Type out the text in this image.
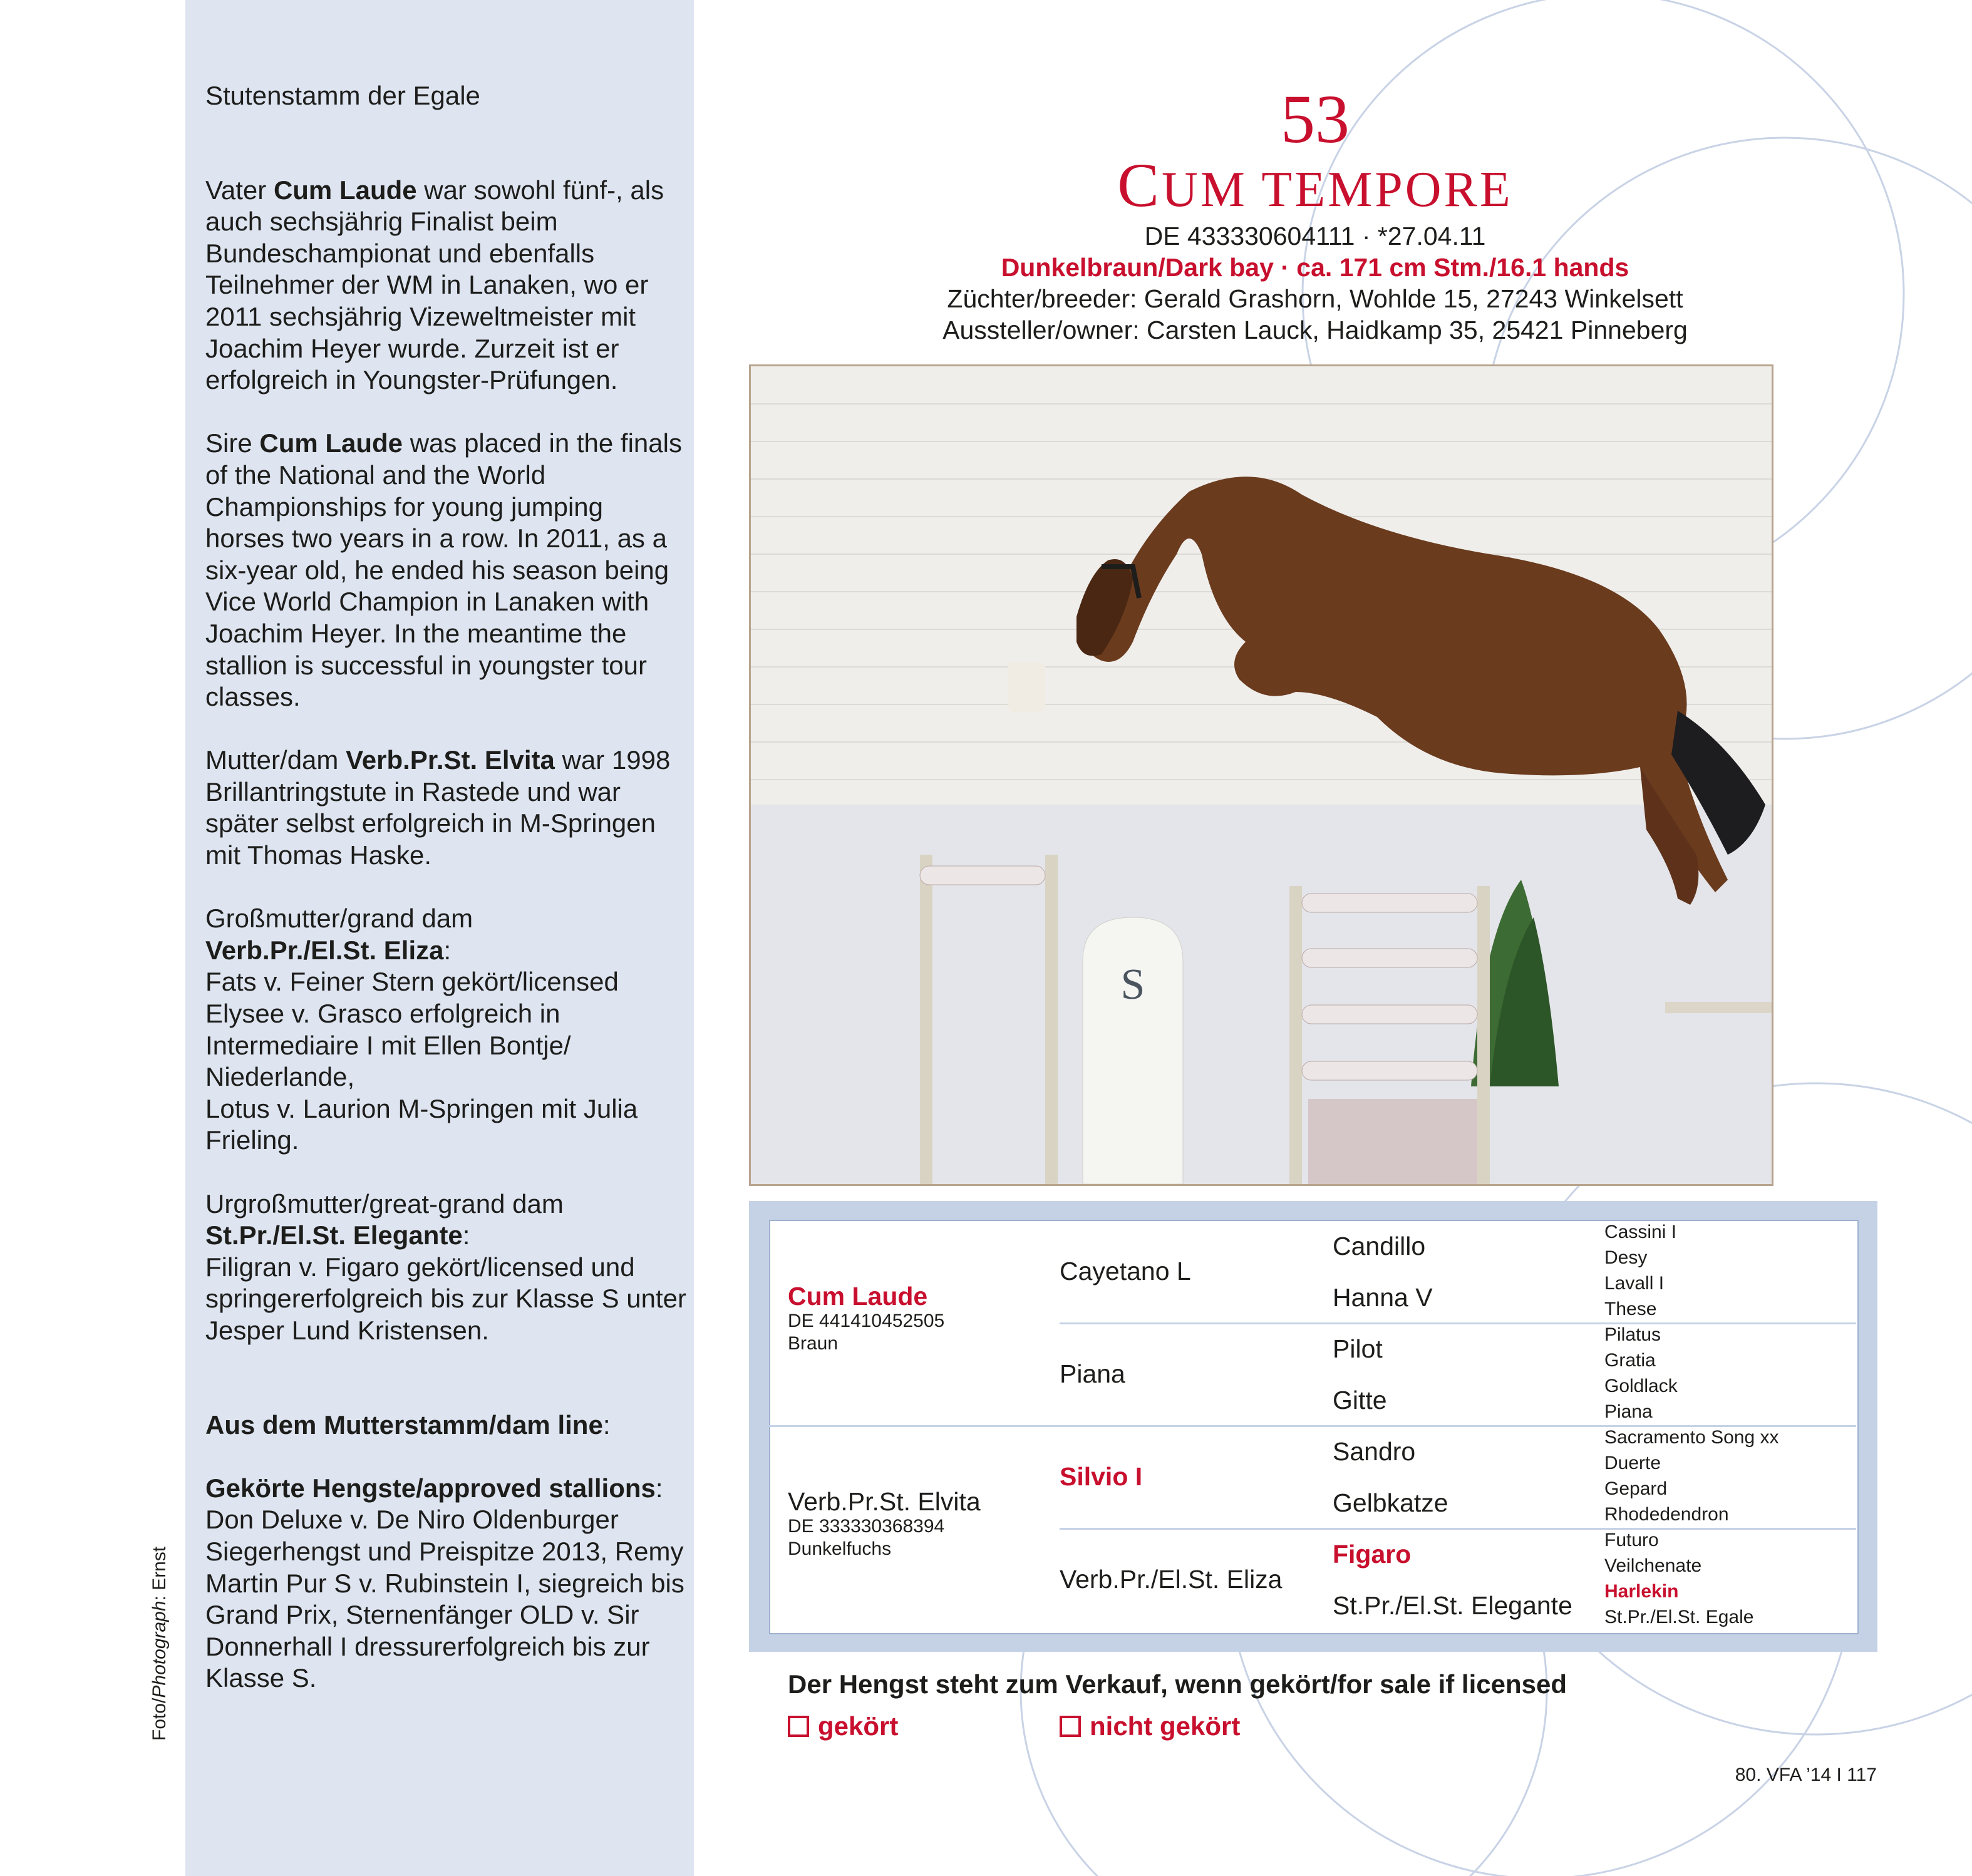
Stutenstamm der Egale

Vater Cum Laude war sowohl fünf-, als auch sechsjährig Finalist beim Bundeschampionat und ebenfalls Teilnehmer der WM in Lanaken, wo er 2011 sechsjährig Vizeweltmeister mit Joachim Heyer wurde. Zurzeit ist er erfolgreich in Youngster-Prüfungen.

Sire Cum Laude was placed in the finals of the National and the World Championships for young jumping horses two years in a row. In 2011, as a six-year old, he ended his season being Vice World Champion in Lanaken with Joachim Heyer. In the meantime the stallion is successful in youngster tour classes.

Mutter/dam Verb.Pr.St. Elvita war 1998 Brillantringstute in Rastede und war später selbst erfolgreich in M-Springen mit Thomas Haske.

Großmutter/grand dam
Verb.Pr./El.St. Eliza:
Fats v. Feiner Stern gekört/licensed Elysee v. Grasco erfolgreich in Intermediaire I mit Ellen Bontje/ Niederlande,
Lotus v. Laurion M-Springen mit Julia Frieling.

Urgroßmutter/great-grand dam
St.Pr./El.St. Elegante:
Filigran v. Figaro gekört/licensed und springererfolgreich bis zur Klasse S unter Jesper Lund Kristensen.

Aus dem Mutterstamm/dam line:

Gekörte Hengste/approved stallions:
Don Deluxe v. De Niro Oldenburger Siegerhengst und Preispitze 2013, Remy Martin Pur S v. Rubinstein I, siegreich bis Grand Prix, Sternenfänger OLD v. Sir Donnerhall I dressurerfolgreich bis zur Klasse S.

Foto/Photograph: Ernst
53
CUM TEMPORE
DE 433330604111 · *27.04.11
Dunkelbraun/Dark bay · ca. 171 cm Stm./16.1 hands
Züchter/breeder: Gerald Grashorn, Wohlde 15, 27243 Winkelsett
Aussteller/owner: Carsten Lauck, Haidkamp 35, 25421 Pinneberg
S
Cum Laude
DE 441410452505
Braun
Verb.Pr.St. Elvita
DE 333330368394
Dunkelfuchs
Cayetano L
Piana
Silvio I
Verb.Pr./El.St. Eliza
Candillo
Hanna V
Pilot
Gitte
Sandro
Gelbkatze
Figaro
St.Pr./El.St. Elegante
Cassini I
Desy
Lavall I
These
Pilatus
Gratia
Goldlack
Piana
Sacramento Song xx
Duerte
Gepard
Rhodedendron
Futuro
Veilchenate
Harlekin
St.Pr./El.St. Egale
Der Hengst steht zum Verkauf, wenn gekört/for sale if licensed
gekört	nicht gekört
80. VFA ’14 I 117
